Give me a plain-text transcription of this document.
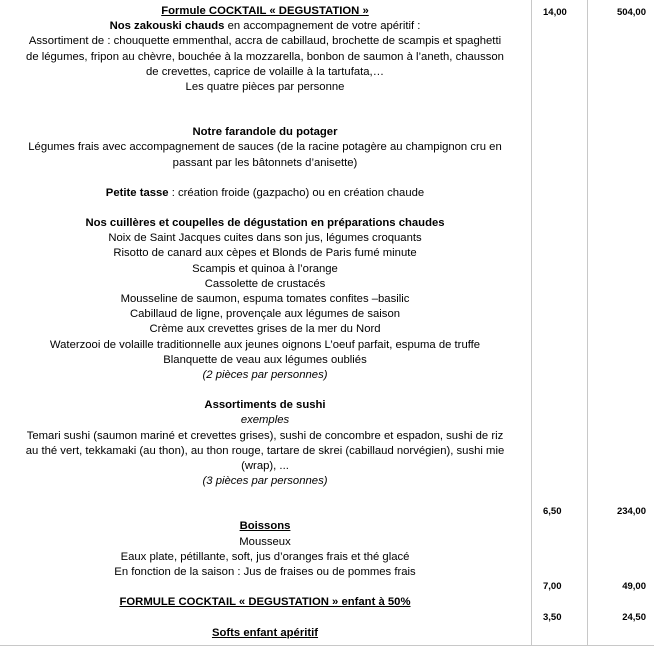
Formule COCKTAIL « DEGUSTATION »
Nos zakouski chauds en accompagnement de votre apéritif :
Assortiment de : chouquette emmenthal, accra de cabillaud, brochette de scampis et spaghetti
de légumes, fripon au chèvre, bouchée à la mozzarella, bonbon de saumon à l’aneth, chausson
de crevettes, caprice de volaille à la tartufata,…
Les quatre pièces par personne
Notre farandole du potager
Légumes frais avec accompagnement de sauces (de la racine potagère au champignon cru en
passant par les bâtonnets d’anisette)
Petite tasse : création froide (gazpacho) ou en création chaude
Nos cuillères et coupelles de dégustation en préparations chaudes
Noix de Saint Jacques cuites dans son jus, légumes croquants
Risotto de canard aux cèpes et Blonds de Paris fumé minute
Scampis et quinoa à l’orange
Cassolette de crustacés
Mousseline de saumon, espuma tomates confites –basilic
Cabillaud de ligne, provençale aux légumes de saison
Crème aux crevettes grises de la mer du Nord
Waterzooi de volaille traditionnelle aux jeunes oignons L’oeuf parfait, espuma de truffe
Blanquette de veau aux légumes oubliés
(2 pièces par personnes)
Assortiments de sushi
exemples
Temari sushi (saumon mariné et crevettes grises), sushi de concombre et espadon, sushi de riz
au thé vert, tekkamaki (au thon), au thon rouge, tartare de skrei (cabillaud norvégien), sushi mie
(wrap), ...
(3 pièces par personnes)
Boissons
Mousseux
Eaux plate, pétillante, soft, jus d’oranges frais et thé glacé
En fonction de la saison : Jus de fraises ou de pommes frais
FORMULE COCKTAIL « DEGUSTATION » enfant à 50%
Softs enfant apéritif
14,00	504,00
6,50	234,00
7,00	49,00
3,50	24,50
